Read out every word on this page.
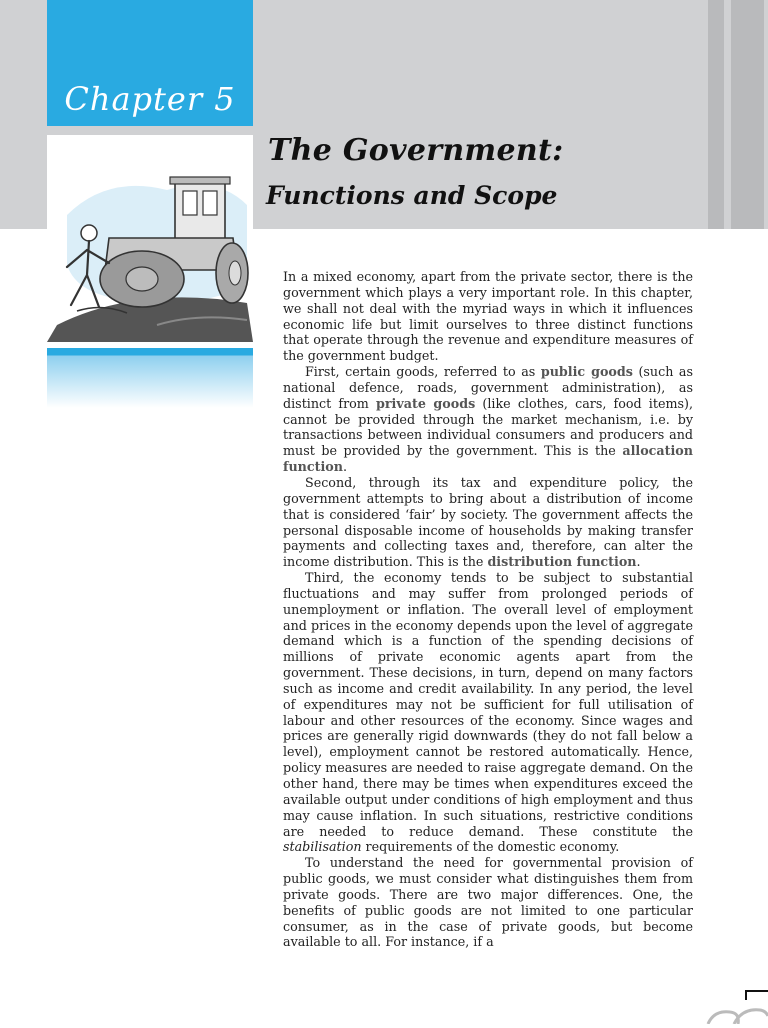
Chapter 5
The Government:
Functions and Scope

In a mixed economy, apart from the private sector, there is the government which plays a very important role. In this chapter, we shall not deal with the myriad ways in which it influences economic life but limit ourselves to three distinct functions that operate through the revenue and expenditure measures of the government budget.

First, certain goods, referred to as public goods (such as national defence, roads, government administration), as distinct from private goods (like clothes, cars, food items), cannot be provided through the market mechanism, i.e. by transactions between individual consumers and producers and must be provided by the government. This is the allocation function.

Second, through its tax and expenditure policy, the government attempts to bring about a distribution of income that is considered ‘fair’ by society. The government affects the personal disposable income of households by making transfer payments and collecting taxes and, therefore, can alter the income distribution. This is the distribution function.

Third, the economy tends to be subject to substantial fluctuations and may suffer from prolonged periods of unemployment or inflation. The overall level of employment and prices in the economy depends upon the level of aggregate demand which is a function of the spending decisions of millions of private economic agents apart from the government. These decisions, in turn, depend on many factors such as income and credit availability. In any period, the level of expenditures may not be sufficient for full utilisation of labour and other resources of the economy. Since wages and prices are generally rigid downwards (they do not fall below a level), employment cannot be restored automatically. Hence, policy measures are needed to raise aggregate demand. On the other hand, there may be times when expenditures exceed the available output under conditions of high employment and thus may cause inflation. In such situations, restrictive conditions are needed to reduce demand. These constitute the stabilisation requirements of the domestic economy.

To understand the need for governmental provision of public goods, we must consider what distinguishes them from private goods. There are two major differences. One, the benefits of public goods are not limited to one particular consumer, as in the case of private goods, but become available to all. For instance, if a
